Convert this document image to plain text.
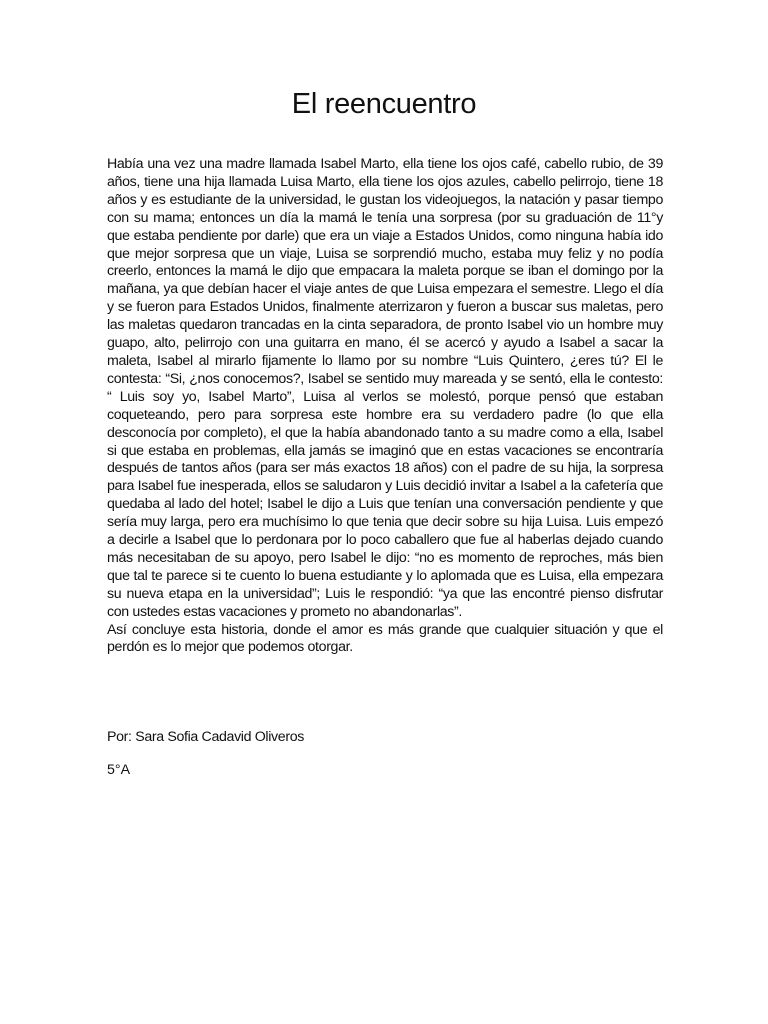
El reencuentro

Había una vez una madre llamada Isabel Marto, ella tiene los ojos café, cabello rubio, de 39 años, tiene una hija llamada Luisa Marto, ella tiene los ojos azules, cabello pelirrojo, tiene 18 años y es estudiante de la universidad, le gustan los videojuegos, la natación y pasar tiempo con su mama; entonces un día la mamá le tenía una sorpresa (por su graduación de 11°y que estaba pendiente por darle) que era un viaje a Estados Unidos, como ninguna había ido que mejor sorpresa que un viaje, Luisa se sorprendió mucho, estaba muy feliz y no podía creerlo, entonces la mamá le dijo que empacara la maleta porque se iban el domingo por la mañana, ya que debían hacer el viaje antes de que Luisa empezara el semestre. Llego el día y se fueron para Estados Unidos, finalmente aterrizaron y fueron a buscar sus maletas, pero las maletas quedaron trancadas en la cinta separadora, de pronto Isabel vio un hombre muy guapo, alto, pelirrojo con una guitarra en mano, él se acercó y ayudo a Isabel a sacar la maleta, Isabel al mirarlo fijamente lo llamo por su nombre “Luis Quintero, ¿eres tú? El le contesta: “Si, ¿nos conocemos?, Isabel se sentido muy mareada y se sentó, ella le contesto: “ Luis soy yo, Isabel Marto”, Luisa al verlos se molestó, porque pensó que estaban coqueteando, pero para sorpresa este hombre era su verdadero padre (lo que ella desconocía por completo), el que la había abandonado tanto a su madre como a ella, Isabel si que estaba en problemas, ella jamás se imaginó que en estas vacaciones se encontraría después de tantos años (para ser más exactos 18 años) con el padre de su hija, la sorpresa para Isabel fue inesperada, ellos se saludaron y Luis decidió invitar a Isabel a la cafetería que quedaba al lado del hotel; Isabel le dijo a Luis que tenían una conversación pendiente y que sería muy larga, pero era muchísimo lo que tenia que decir sobre su hija Luisa. Luis empezó a decirle a Isabel que lo perdonara por lo poco caballero que fue al haberlas dejado cuando más necesitaban de su apoyo, pero Isabel le dijo: “no es momento de reproches, más bien que tal te parece si te cuento lo buena estudiante y lo aplomada que es Luisa, ella empezara su nueva etapa en la universidad”; Luis le respondió: “ya que las encontré pienso disfrutar con ustedes estas vacaciones y prometo no abandonarlas”.

Así concluye esta historia, donde el amor es más grande que cualquier situación y que el perdón es lo mejor que podemos otorgar.

Por: Sara Sofia Cadavid Oliveros

5°A
